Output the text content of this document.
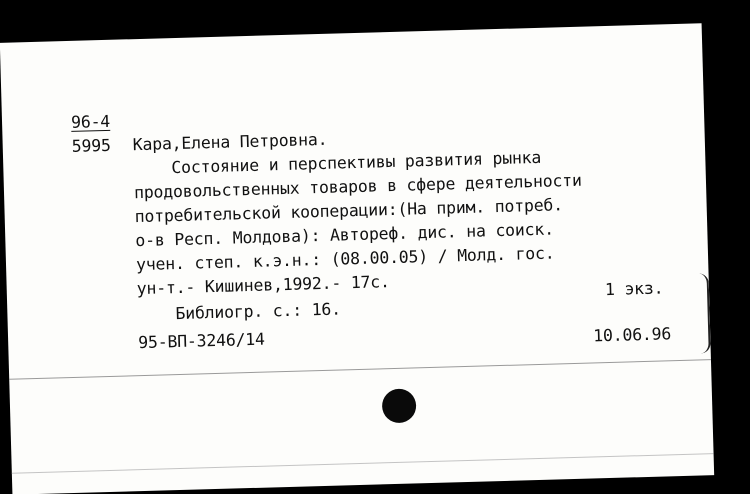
96-4
5995 Кара,Елена Петровна.
Состояние и перспективы развития рынка
продовольственных товаров в сфере деятельности
потребительской кооперации:(На прим. потреб.
о-в Респ. Молдова): Автореф. дис. на соиск.
учен. степ. к.э.н.: (08.00.05) / Молд. гос.
ун-т.- Кишинев,1992.- 17с.	1 экз.
Библиогр. с.: 16.
95-ВП-3246/14	10.06.96
